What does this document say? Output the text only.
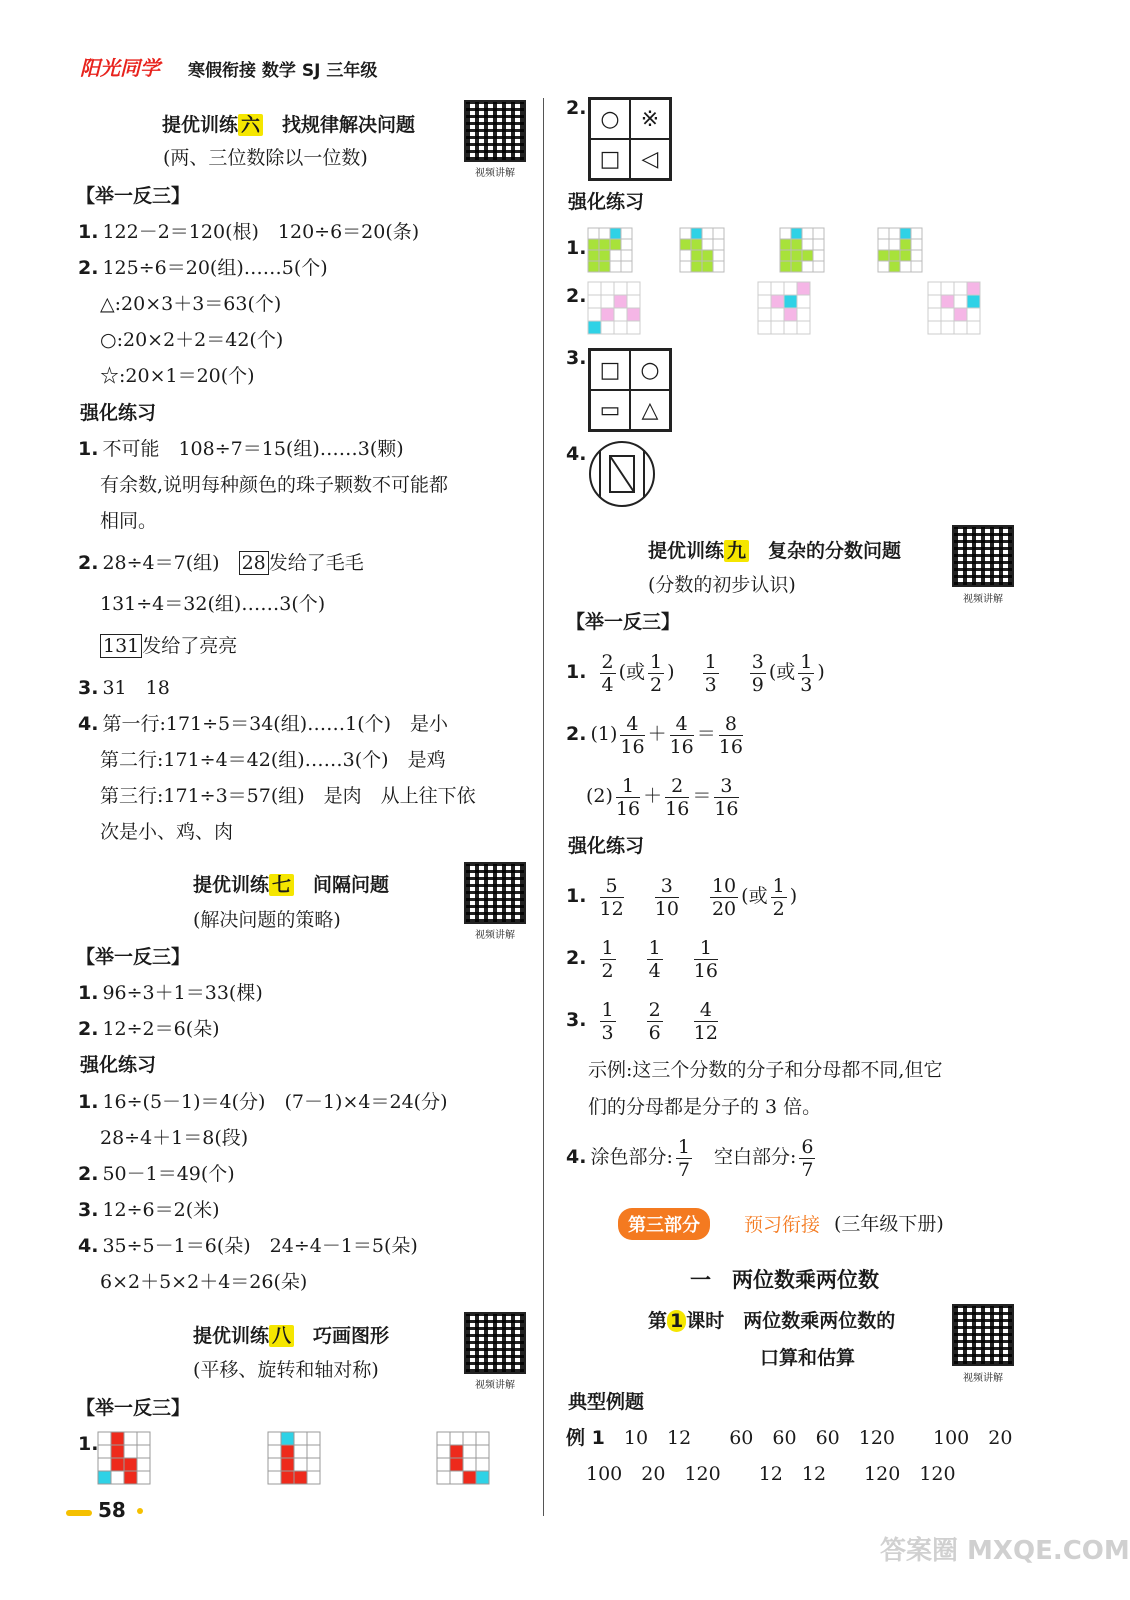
阳光同学 寒假衔接 数学 SJ 三年级
提优训练 六　 找规律解决问题
(两、三位数除以一位数)
视频讲解
【举一反三】
1. 122－2＝120(根)　120÷6＝20(条)
2. 125÷6＝20(组)……5(个)
△:20×3＋3＝63(个)
○:20×2＋2＝42(个)
☆:20×1＝20(个)
强化练习
1. 不可能　108÷7＝15(组)……3(颗)
有余数,说明每种颜色的珠子颗数不可能都
相同。
2. 28÷4＝7(组)　28 发给了毛毛
131÷4＝32(组)……3(个)
131 发给了亮亮
3. 31　18
4. 第一行:171÷5＝34(组)……1(个)　是小
第二行:171÷4＝42(组)……3(个)　是鸡
第三行:171÷3＝57(组)　是肉　从上往下依
次是小、鸡、肉
提优训练 七　 间隔问题
(解决问题的策略)
视频讲解
【举一反三】
1. 96÷3＋1＝33(棵)
2. 12÷2＝6(朵)
强化练习
1. 16÷(5－1)＝4(分)　(7－1)×4＝24(分)
28÷4＋1＝8(段)
2. 50－1＝49(个)
3. 12÷6＝2(米)
4. 35÷5－1＝6(朵)　24÷4－1＝5(朵)
6×2＋5×2＋4＝26(朵)
提优训练 八　 巧画图形
(平移、旋转和轴对称)
视频讲解
【举一反三】
1.
58
2. ○ ※
□ ◁
强化练习
1.
2.
3. □ ○
▭ △
4.
提优训练 九　 复杂的分数问题
(分数的初步认识)
视频讲解
【举一反三】
1. $\frac{2}{4}$ (或 $\frac{1}{2}$ )　 $\frac{1}{3}$
　 $\frac{3}{9}$ (或 $\frac{1}{3}$ )
2. $(1) \frac{4}{16} + \frac{4}{16} = \frac{8}{16}$
$(2) \frac{1}{16} + \frac{2}{16} = \frac{3}{16}$
强化练习
1. $\frac{5}{12}$
　 $\frac{3}{10}$
　 $\frac{10}{20}$ (或 $\frac{1}{2}$ )
2. $\frac{1}{2}$
　 $\frac{1}{4}$
　 $\frac{1}{16}$
3. $\frac{1}{3}$
　 $\frac{2}{6}$
　 $\frac{4}{12}$
示例:这三个分数的分子和分母都不同,但它
们的分母都是分子的 3 倍。
4. 涂色部分: $\frac{1}{7}$
　 空白部分: $\frac{6}{7}$
第三部分	预习衔接 (三年级下册)
一　两位数乘两位数
第 1 课时　 两位数乘两位数的
口算和估算
视频讲解
典型例题
例 1　 10　12　　60　60　60　120　　100　20
100　20　120　　12　12　　120　120
答案圈 MXQE.COM
